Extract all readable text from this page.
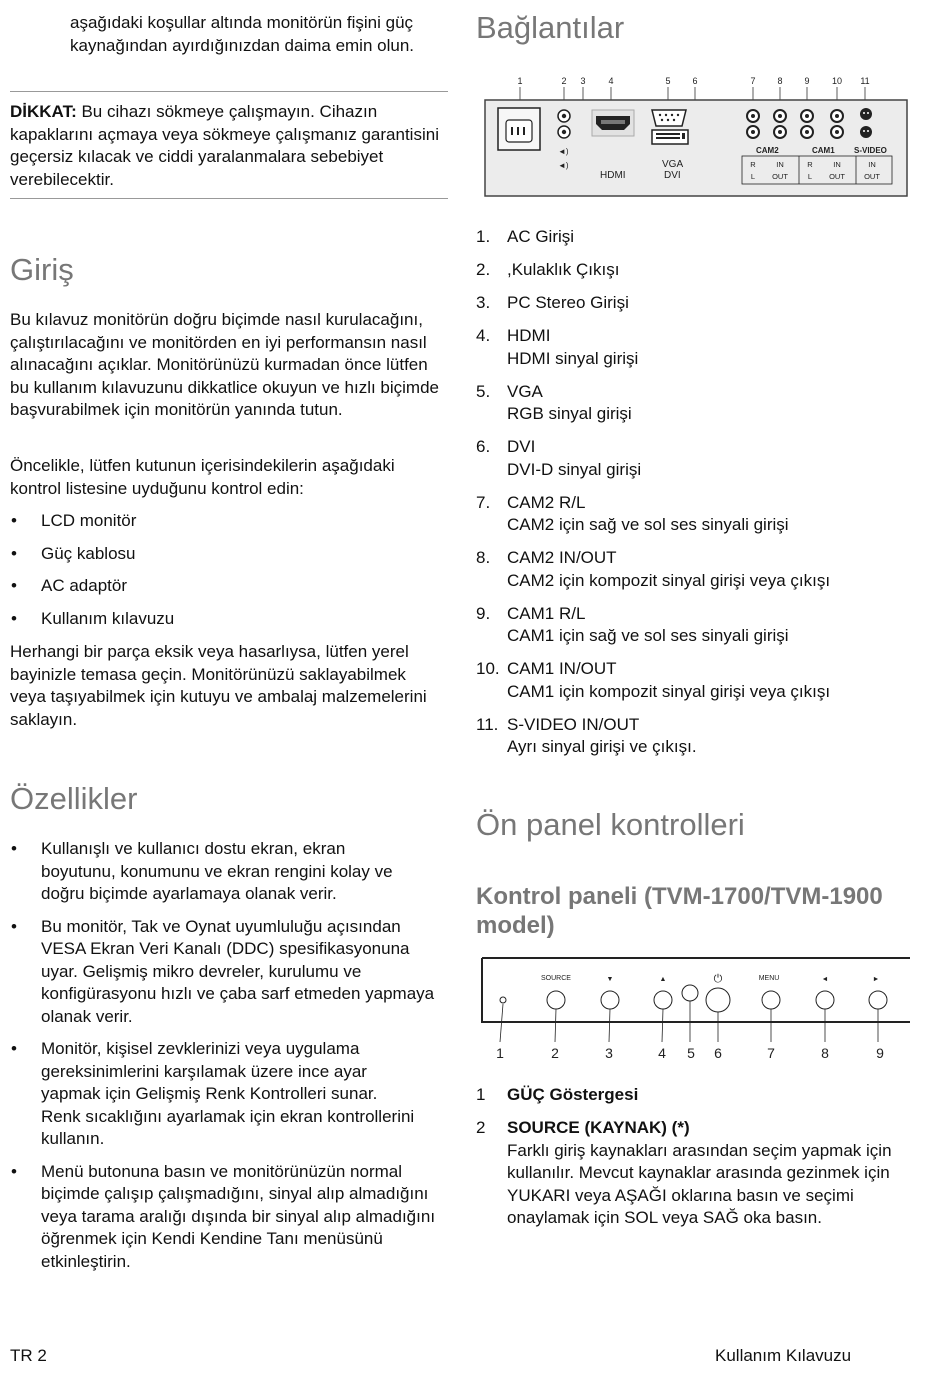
aşağıdaki koşullar altında monitörün fişini güç kaynağından ayırdığınızdan daima emin olun.

DİKKAT: Bu cihazı sökmeye çalışmayın. Cihazın kapaklarını açmaya veya sökmeye çalışmanız garantisini geçersiz kılacak ve ciddi yaralanmalara sebebiyet verebilecektir.

Giriş

Bu kılavuz monitörün doğru biçimde nasıl kurulacağını, çalıştırılacağını ve monitörden en iyi performansın nasıl alınacağını açıklar. Monitörünüzü kurmadan önce lütfen bu kullanım kılavuzunu dikkatlice okuyun ve hızlı biçimde başvurabilmek için monitörün yanında tutun.

Öncelikle, lütfen kutunun içerisindekilerin aşağıdaki kontrol listesine uyduğunu kontrol edin:

• LCD monitör
• Güç kablosu
• AC adaptör
• Kullanım kılavuzu

Herhangi bir parça eksik veya hasarlıysa, lütfen yerel bayinizle temasa geçin. Monitörünüzü saklayabilmek veya taşıyabilmek için kutuyu ve ambalaj malzemelerini saklayın.

Özellikler
• Kullanışlı ve kullanıcı dostu ekran, ekran boyutunu, konumunu ve ekran rengini kolay ve doğru biçimde ayarlamaya olanak verir.
• Bu monitör, Tak ve Oynat uyumluluğu açısından VESA Ekran Veri Kanalı (DDC) spesifikasyonuna uyar. Gelişmiş mikro devreler, kurulumu ve konfigürasyonu hızlı ve çaba sarf etmeden yapmaya olanak verir.
• Monitör, kişisel zevklerinizi veya uygulama gereksinimlerini karşılamak üzere ince ayar yapmak için Gelişmiş Renk Kontrolleri sunar. Renk sıcaklığını ayarlamak için ekran kontrollerini kullanın.
• Menü butonuna basın ve monitörünüzün normal biçimde çalışıp çalışmadığını, sinyal alıp almadığını veya tarama aralığı dışında bir sinyal alıp almadığını öğrenmek için Kendi Kendine Tanı menüsünü etkinleştirin.
Bağlantılar
1	2 3	4	5 6	7 8 9 10 11
◄)
◄)
HDMI
VGA
DVI
CAM2	CAM1 S-VIDEO
R
L
IN
OUT
R
L
IN
OUT
IN
OUT
1. AC Girişi
2. ,Kulaklık Çıkışı
3. PC Stereo Girişi
4. HDMI
HDMI sinyal girişi
5. VGA
RGB sinyal girişi
6. DVI
DVI-D sinyal girişi
7. CAM2 R/L
CAM2 için sağ ve sol ses sinyali girişi
8. CAM2 IN/OUT
CAM2 için kompozit sinyal girişi veya çıkışı
9. CAM1 R/L
CAM1 için sağ ve sol ses sinyali girişi
10. CAM1 IN/OUT
CAM1 için kompozit sinyal girişi veya çıkışı
11. S-VIDEO IN/OUT
Ayrı sinyal girişi ve çıkışı.
Ön panel kontrolleri
Kontrol paneli (TVM-1700/TVM-1900 model)
SOURCE	▼	▲	MENU	◄	►
⏻
1	2	3	4 5 6	7	8	9
1 GÜÇ Göstergesi
2 SOURCE (KAYNAK) (*)
Farklı giriş kaynakları arasından seçim yapmak için kullanılır. Mevcut kaynaklar arasında gezinmek için YUKARI veya AŞAĞI oklarına basın ve seçimi onaylamak için SOL veya SAĞ oka basın.
TR 2	Kullanım Kılavuzu
